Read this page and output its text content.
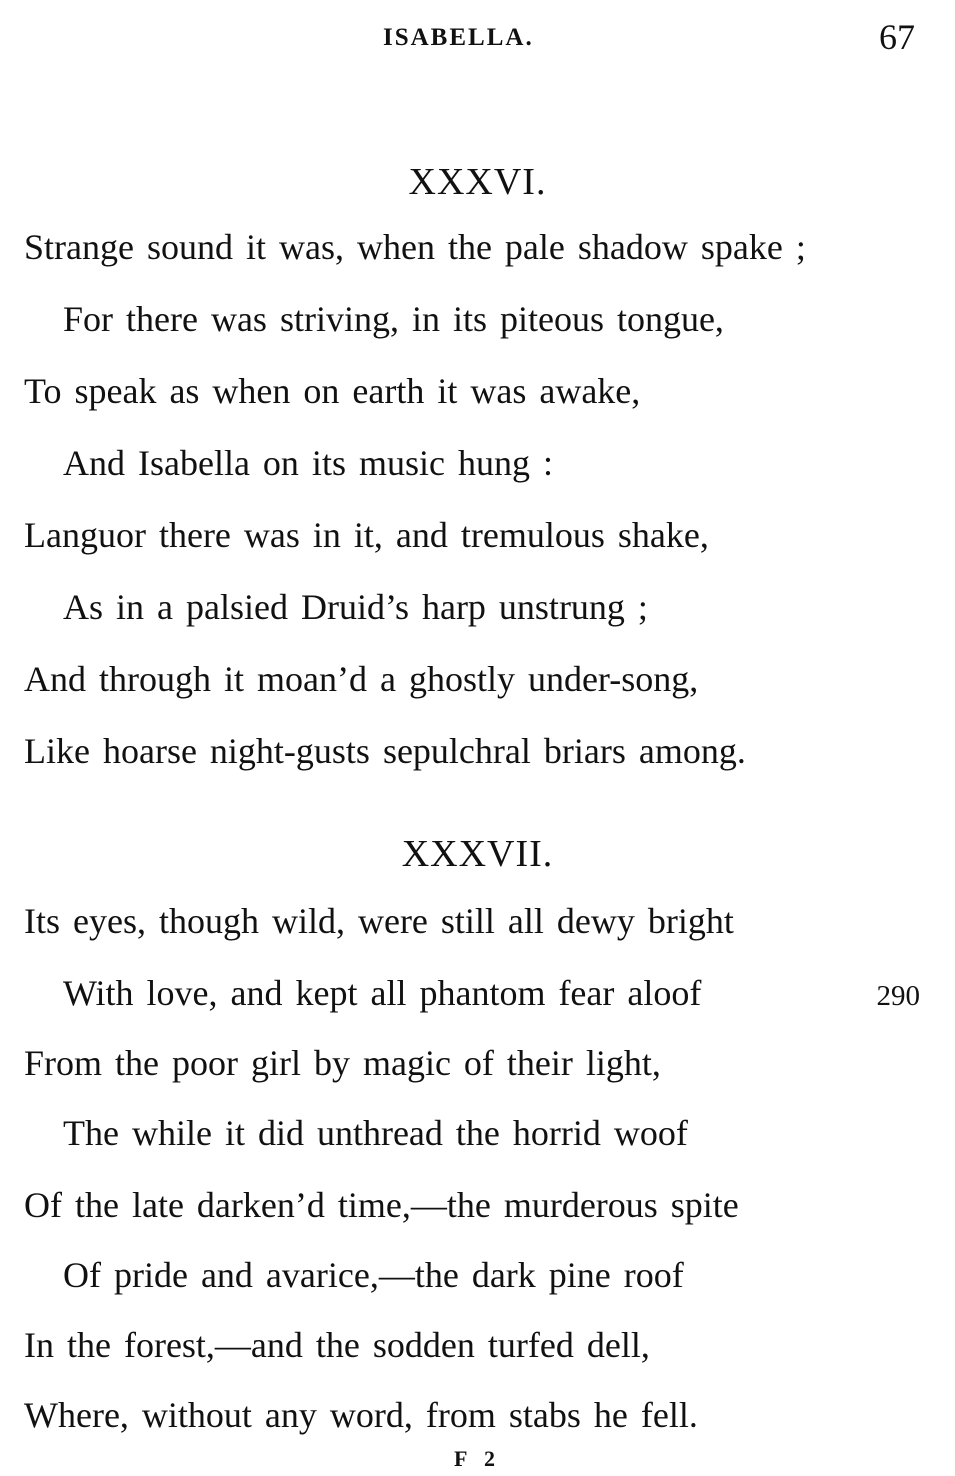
ISABELLA.	67
XXXVI.
Strange sound it was, when the pale shadow spake ;
For there was striving, in its piteous tongue,
To speak as when on earth it was awake,
And Isabella on its music hung :
Languor there was in it, and tremulous shake,
As in a palsied Druid’s harp unstrung ;
And through it moan’d a ghostly under-song,
Like hoarse night-gusts sepulchral briars among.
XXXVII.
Its eyes, though wild, were still all dewy bright
With love, and kept all phantom fear aloof	290
From the poor girl by magic of their light,
The while it did unthread the horrid woof
Of the late darken’d time,—the murderous spite
Of pride and avarice,—the dark pine roof
In the forest,—and the sodden turfed dell,
Where, without any word, from stabs he fell.
F 2
